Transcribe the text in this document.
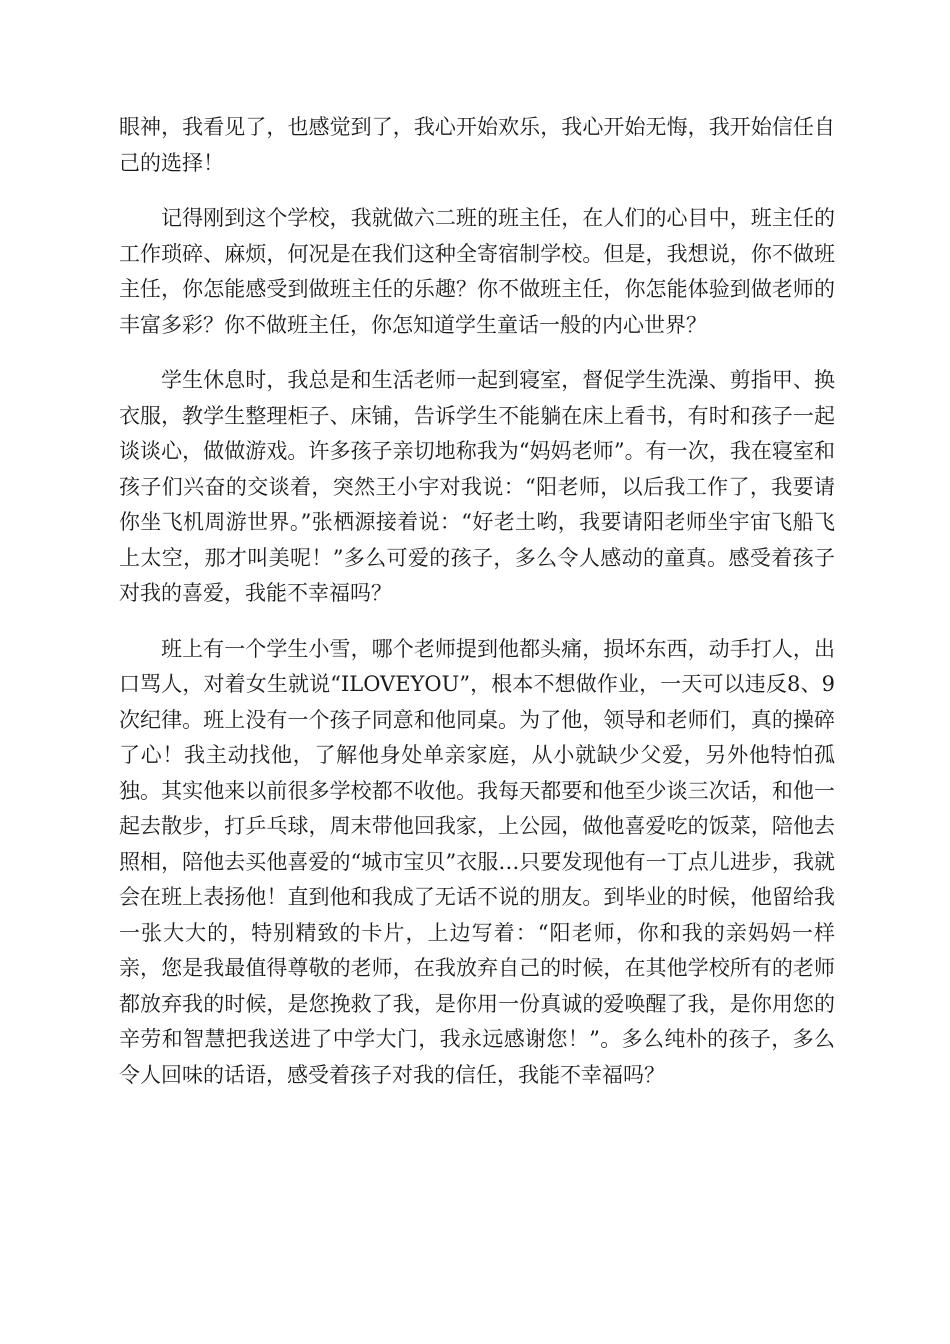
眼神，我看见了，也感觉到了，我心开始欢乐，我心开始无悔，我开始信任自己的选择！

记得刚到这个学校，我就做六二班的班主任，在人们的心目中，班主任的工作琐碎、麻烦，何况是在我们这种全寄宿制学校。但是，我想说，你不做班主任，你怎能感受到做班主任的乐趣？你不做班主任，你怎能体验到做老师的丰富多彩？你不做班主任，你怎知道学生童话一般的内心世界？

学生休息时，我总是和生活老师一起到寝室，督促学生洗澡、剪指甲、换衣服，教学生整理柜子、床铺，告诉学生不能躺在床上看书，有时和孩子一起谈谈心，做做游戏。许多孩子亲切地称我为“妈妈老师”。有一次，我在寝室和孩子们兴奋的交谈着，突然王小宇对我说：“阳老师，以后我工作了，我要请你坐飞机周游世界。”张栖源接着说：“好老土哟，我要请阳老师坐宇宙飞船飞上太空，那才叫美呢！”多么可爱的孩子，多么令人感动的童真。感受着孩子对我的喜爱，我能不幸福吗？

班上有一个学生小雪，哪个老师提到他都头痛，损坏东西，动手打人，出口骂人，对着女生就说“ILOVEYOU”，根本不想做作业，一天可以违反8、9次纪律。班上没有一个孩子同意和他同桌。为了他，领导和老师们，真的操碎了心！我主动找他，了解他身处单亲家庭，从小就缺少父爱，另外他特怕孤独。其实他来以前很多学校都不收他。我每天都要和他至少谈三次话，和他一起去散步，打乒乓球，周末带他回我家，上公园，做他喜爱吃的饭菜，陪他去照相，陪他去买他喜爱的“城市宝贝”衣服…只要发现他有一丁点儿进步，我就会在班上表扬他！直到他和我成了无话不说的朋友。到毕业的时候，他留给我一张大大的，特别精致的卡片，上边写着：“阳老师，你和我的亲妈妈一样亲，您是我最值得尊敬的老师，在我放弃自己的时候，在其他学校所有的老师都放弃我的时候，是您挽救了我，是你用一份真诚的爱唤醒了我，是你用您的辛劳和智慧把我送进了中学大门，我永远感谢您！”。多么纯朴的孩子，多么令人回味的话语，感受着孩子对我的信任，我能不幸福吗？
